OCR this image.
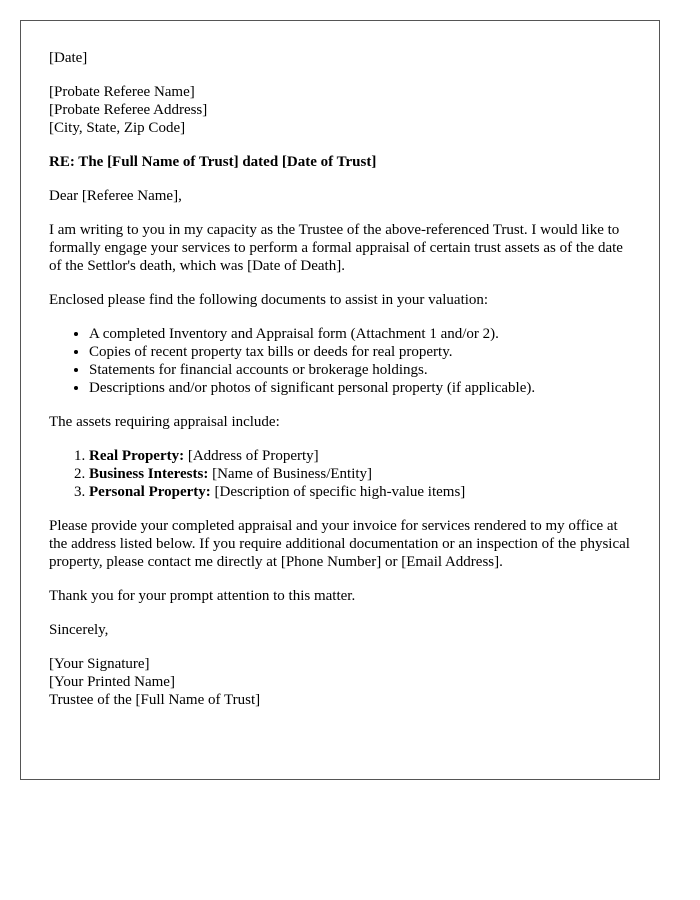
[Date]

[Probate Referee Name]
[Probate Referee Address]
[City, State, Zip Code]

RE: The [Full Name of Trust] dated [Date of Trust]

Dear [Referee Name],

I am writing to you in my capacity as the Trustee of the above-referenced Trust. I would like to formally engage your services to perform a formal appraisal of certain trust assets as of the date of the Settlor's death, which was [Date of Death].

Enclosed please find the following documents to assist in your valuation:

• A completed Inventory and Appraisal form (Attachment 1 and/or 2).
• Copies of recent property tax bills or deeds for real property.
• Statements for financial accounts or brokerage holdings.
• Descriptions and/or photos of significant personal property (if applicable).

The assets requiring appraisal include:

1. Real Property: [Address of Property]
2. Business Interests: [Name of Business/Entity]
3. Personal Property: [Description of specific high-value items]

Please provide your completed appraisal and your invoice for services rendered to my office at the address listed below. If you require additional documentation or an inspection of the physical property, please contact me directly at [Phone Number] or [Email Address].

Thank you for your prompt attention to this matter.

Sincerely,

[Your Signature]
[Your Printed Name]
Trustee of the [Full Name of Trust]
